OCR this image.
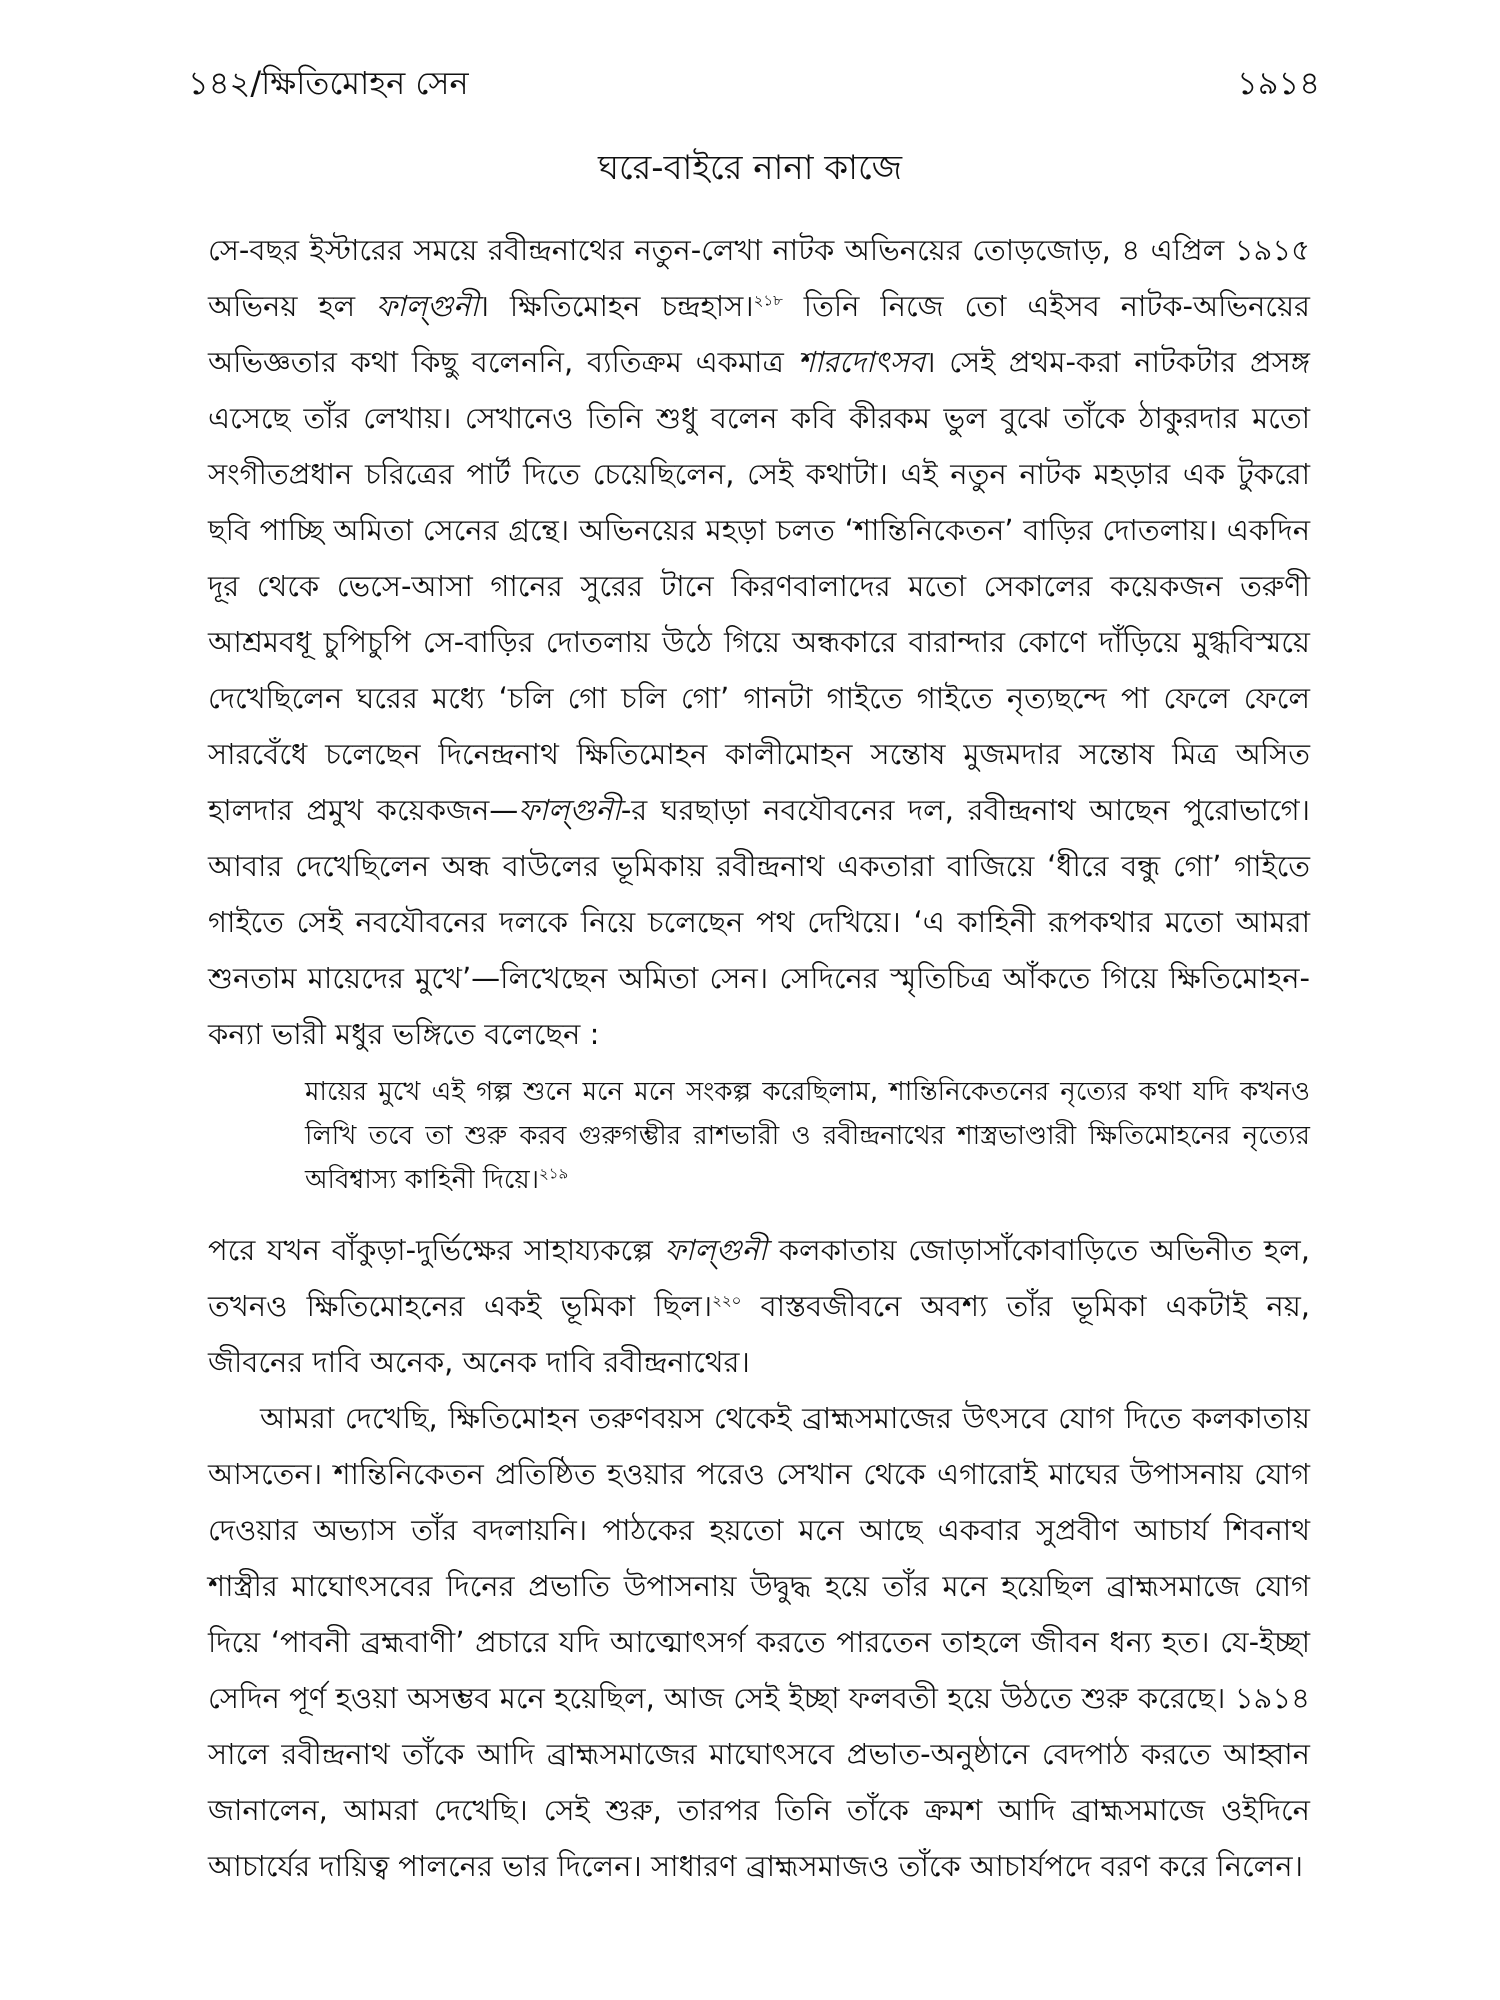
১৪২/ক্ষিতিমোহন সেন	১৯১৪
ঘরে-বাইরে নানা কাজে

সে-বছর ইস্টারের সময়ে রবীন্দ্রনাথের নতুন-লেখা নাটক অভিনয়ের তোড়জোড়, ৪ এপ্রিল ১৯১৫ অভিনয় হল ফাল্গুনী। ক্ষিতিমোহন চন্দ্রহাস।$^{২১৮}$ তিনি নিজে তো এইসব নাটক-অভিনয়ের অভিজ্ঞতার কথা কিছু বলেননি, ব্যতিক্রম একমাত্র শারদোৎসব। সেই প্রথম-করা নাটকটার প্রসঙ্গ এসেছে তাঁর লেখায়। সেখানেও তিনি শুধু বলেন কবি কীরকম ভুল বুঝে তাঁকে ঠাকুরদার মতো সংগীতপ্রধান চরিত্রের পার্ট দিতে চেয়েছিলেন, সেই কথাটা। এই নতুন নাটক মহড়ার এক টুকরো ছবি পাচ্ছি অমিতা সেনের গ্রন্থে। অভিনয়ের মহড়া চলত ‘শান্তিনিকেতন’ বাড়ির দোতলায়। একদিন দূর থেকে ভেসে-আসা গানের সুরের টানে কিরণবালাদের মতো সেকালের কয়েকজন তরুণী আশ্রমবধূ চুপিচুপি সে-বাড়ির দোতলায় উঠে গিয়ে অন্ধকারে বারান্দার কোণে দাঁড়িয়ে মুগ্ধবিস্ময়ে দেখেছিলেন ঘরের মধ্যে ‘চলি গো চলি গো’ গানটা গাইতে গাইতে নৃত্যছন্দে পা ফেলে ফেলে সারবেঁধে চলেছেন দিনেন্দ্রনাথ ক্ষিতিমোহন কালীমোহন সন্তোষ মুজমদার সন্তোষ মিত্র অসিত হালদার প্রমুখ কয়েকজন—ফাল্গুনী-র ঘরছাড়া নবযৌবনের দল, রবীন্দ্রনাথ আছেন পুরোভাগে। আবার দেখেছিলেন অন্ধ বাউলের ভূমিকায় রবীন্দ্রনাথ একতারা বাজিয়ে ‘ধীরে বন্ধু গো’ গাইতে গাইতে সেই নবযৌবনের দলকে নিয়ে চলেছেন পথ দেখিয়ে। ‘এ কাহিনী রূপকথার মতো আমরা শুনতাম মায়েদের মুখে’—লিখেছেন অমিতা সেন। সেদিনের স্মৃতিচিত্র আঁকতে গিয়ে ক্ষিতিমোহন-কন্যা ভারী মধুর ভঙ্গিতে বলেছেন :

মায়ের মুখে এই গল্প শুনে মনে মনে সংকল্প করেছিলাম, শান্তিনিকেতনের নৃত্যের কথা যদি কখনও লিখি তবে তা শুরু করব গুরুগম্ভীর রাশভারী ও রবীন্দ্রনাথের শাস্ত্রভাণ্ডারী ক্ষিতিমোহনের নৃত্যের অবিশ্বাস্য কাহিনী দিয়ে।$^{২১৯}$

পরে যখন বাঁকুড়া-দুর্ভিক্ষের সাহায্যকল্পে ফাল্গুনী কলকাতায় জোড়াসাঁকোবাড়িতে অভিনীত হল, তখনও ক্ষিতিমোহনের একই ভূমিকা ছিল।$^{২২০}$ বাস্তবজীবনে অবশ্য তাঁর ভূমিকা একটাই নয়, জীবনের দাবি অনেক, অনেক দাবি রবীন্দ্রনাথের।

আমরা দেখেছি, ক্ষিতিমোহন তরুণবয়স থেকেই ব্রাহ্মসমাজের উৎসবে যোগ দিতে কলকাতায় আসতেন। শান্তিনিকেতন প্রতিষ্ঠিত হওয়ার পরেও সেখান থেকে এগারোই মাঘের উপাসনায় যোগ দেওয়ার অভ্যাস তাঁর বদলায়নি। পাঠকের হয়তো মনে আছে একবার সুপ্রবীণ আচার্য শিবনাথ শাস্ত্রীর মাঘোৎসবের দিনের প্রভাতি উপাসনায় উদ্বুদ্ধ হয়ে তাঁর মনে হয়েছিল ব্রাহ্মসমাজে যোগ দিয়ে ‘পাবনী ব্রহ্মবাণী’ প্রচারে যদি আত্মোৎসর্গ করতে পারতেন তাহলে জীবন ধন্য হত। যে-ইচ্ছা সেদিন পূর্ণ হওয়া অসম্ভব মনে হয়েছিল, আজ সেই ইচ্ছা ফলবতী হয়ে উঠতে শুরু করেছে। ১৯১৪ সালে রবীন্দ্রনাথ তাঁকে আদি ব্রাহ্মসমাজের মাঘোৎসবে প্রভাত-অনুষ্ঠানে বেদপাঠ করতে আহ্বান জানালেন, আমরা দেখেছি। সেই শুরু, তারপর তিনি তাঁকে ক্রমশ আদি ব্রাহ্মসমাজে ওইদিনে আচার্যের দায়িত্ব পালনের ভার দিলেন। সাধারণ ব্রাহ্মসমাজও তাঁকে আচার্যপদে বরণ করে নিলেন।
